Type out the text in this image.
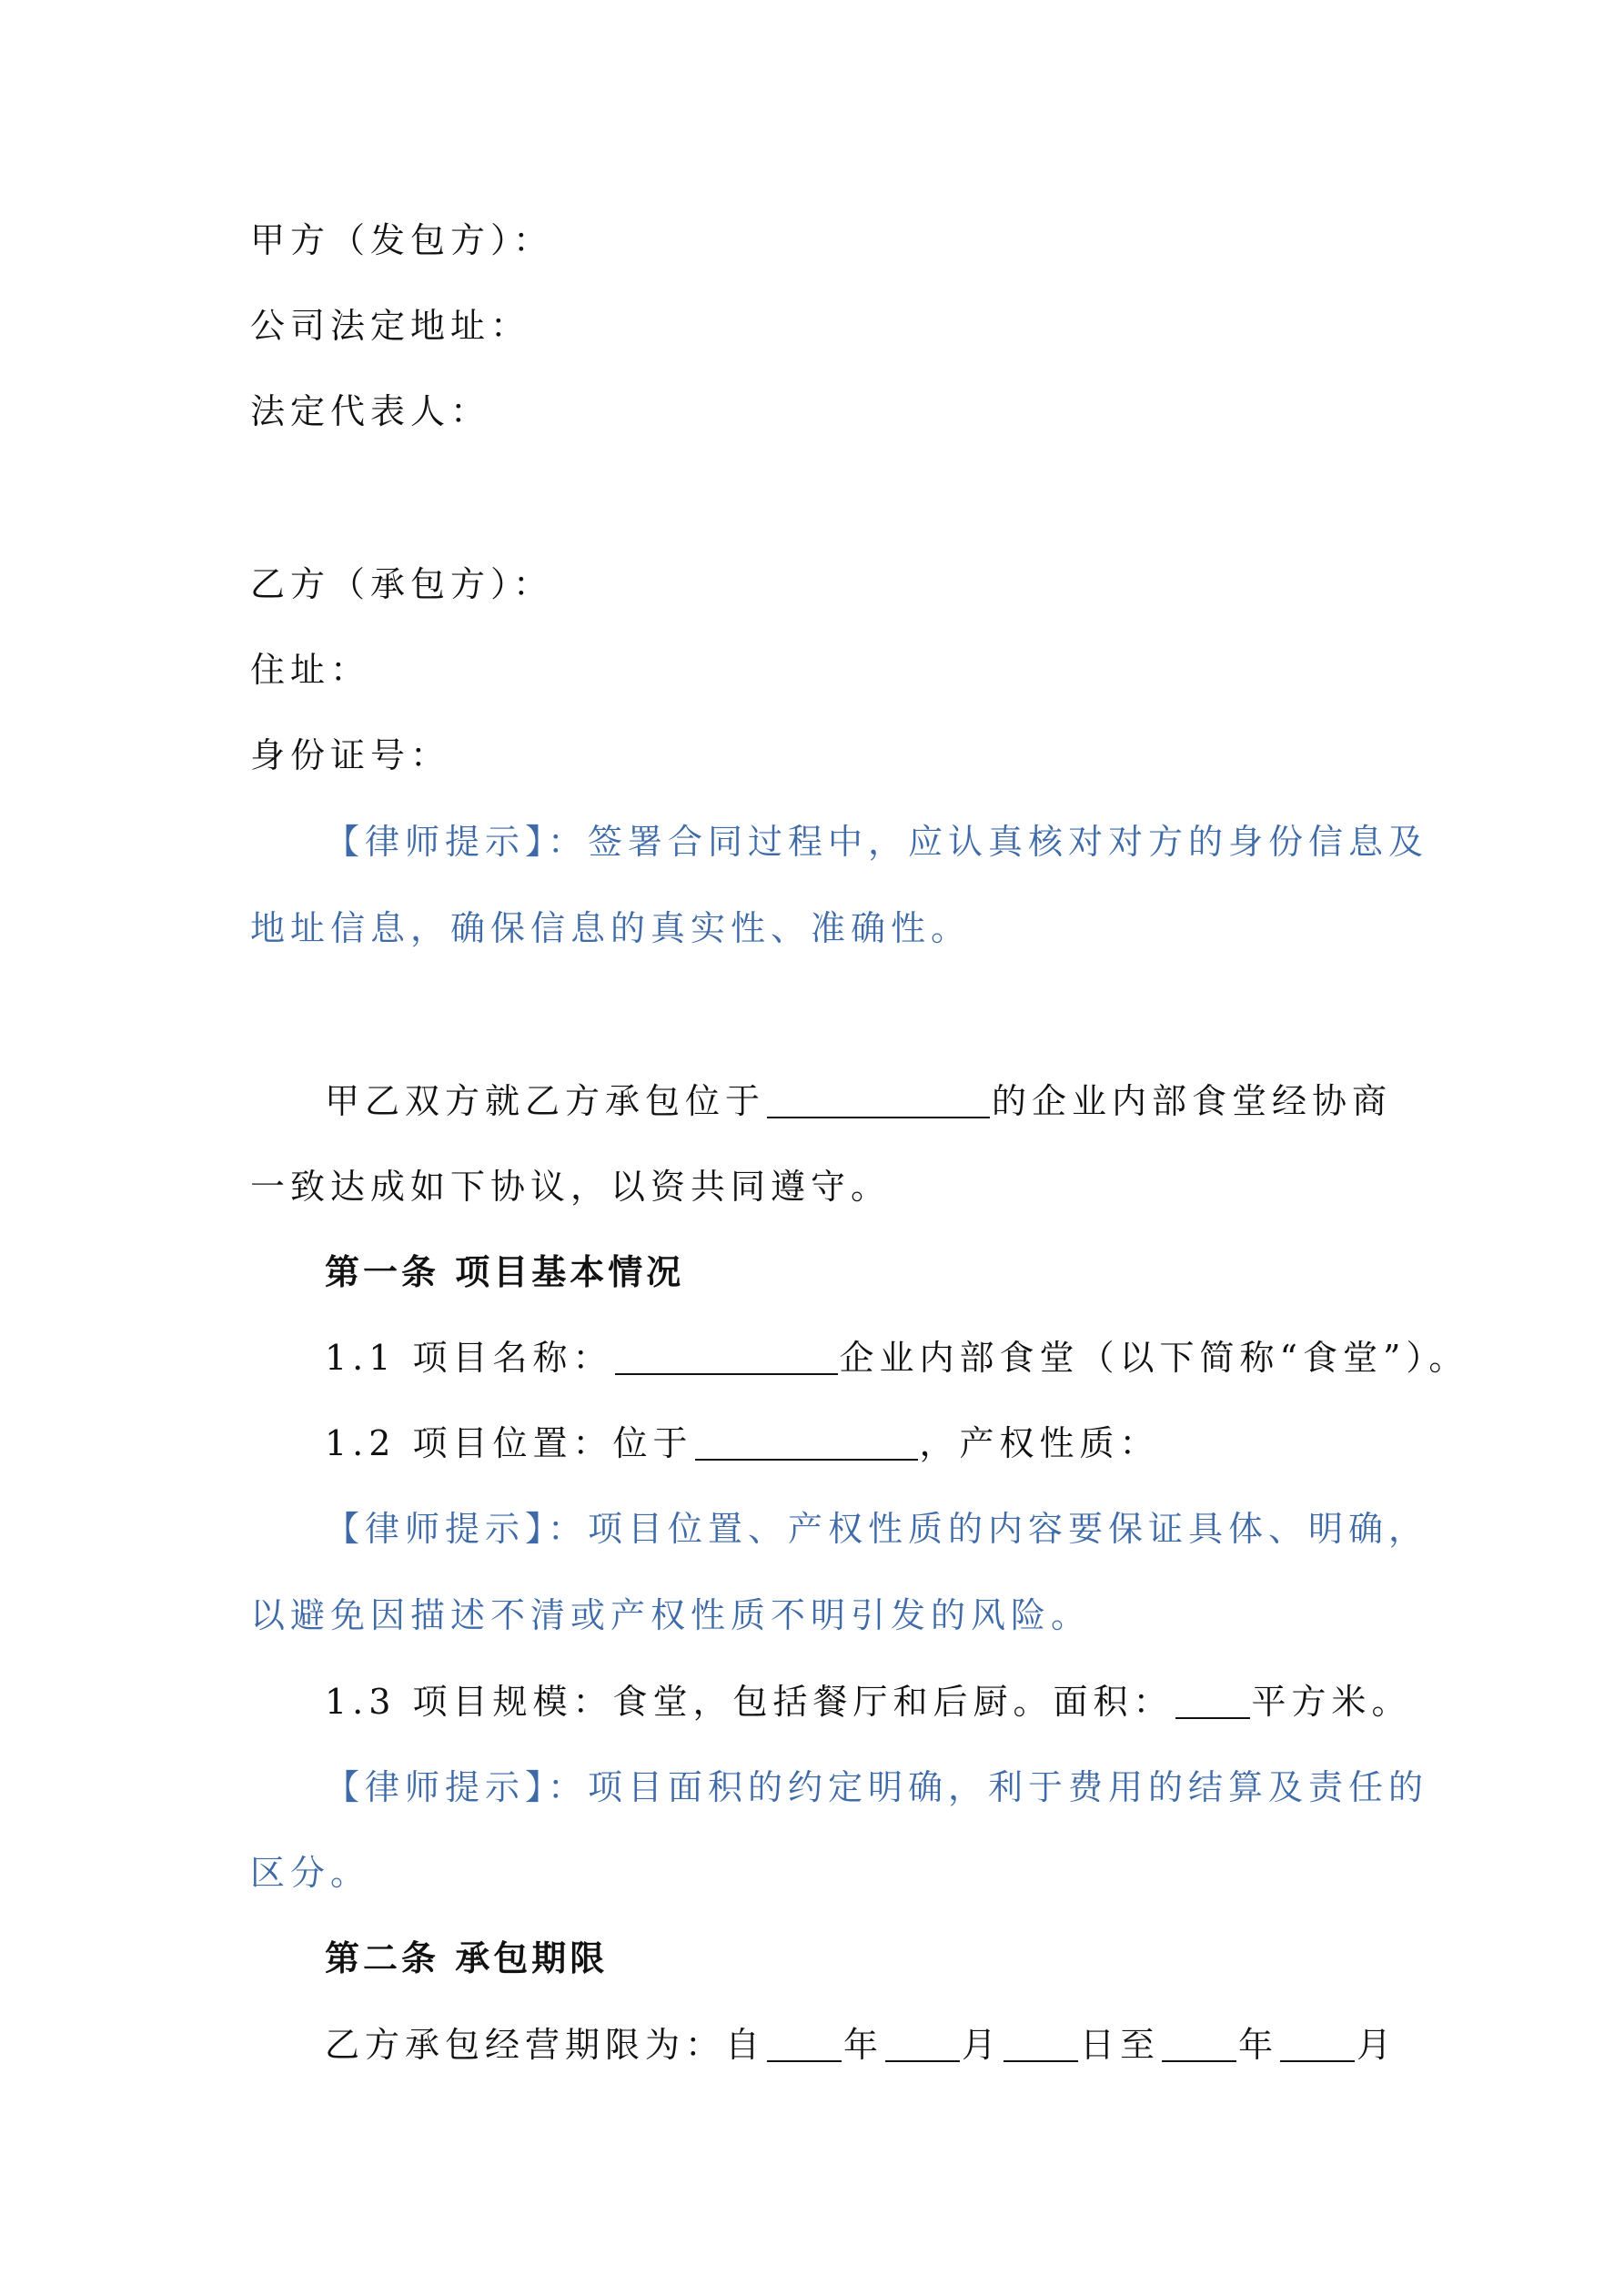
甲方（发包方）：
公司法定地址：
法定代表人：
乙方（承包方）：
住址：
身份证号：
【律师提示】：签署合同过程中，应认真核对对方的身份信息及
地址信息，确保信息的真实性、准确性。
甲乙双方就乙方承包位于	的企业内部食堂经协商
一致达成如下协议，以资共同遵守。
第一条 项目基本情况
1.1 项目名称：	企业内部食堂（以下简称“食堂”）。
1.2 项目位置：位于	，产权性质：
【律师提示】：项目位置、产权性质的内容要保证具体、明确，
以避免因描述不清或产权性质不明引发的风险。
1.3 项目规模：食堂，包括餐厅和后厨。面积： 平方米。
【律师提示】：项目面积的约定明确，利于费用的结算及责任的
区分。
第二条 承包期限
乙方承包经营期限为：自 年 月 日至 年 月
